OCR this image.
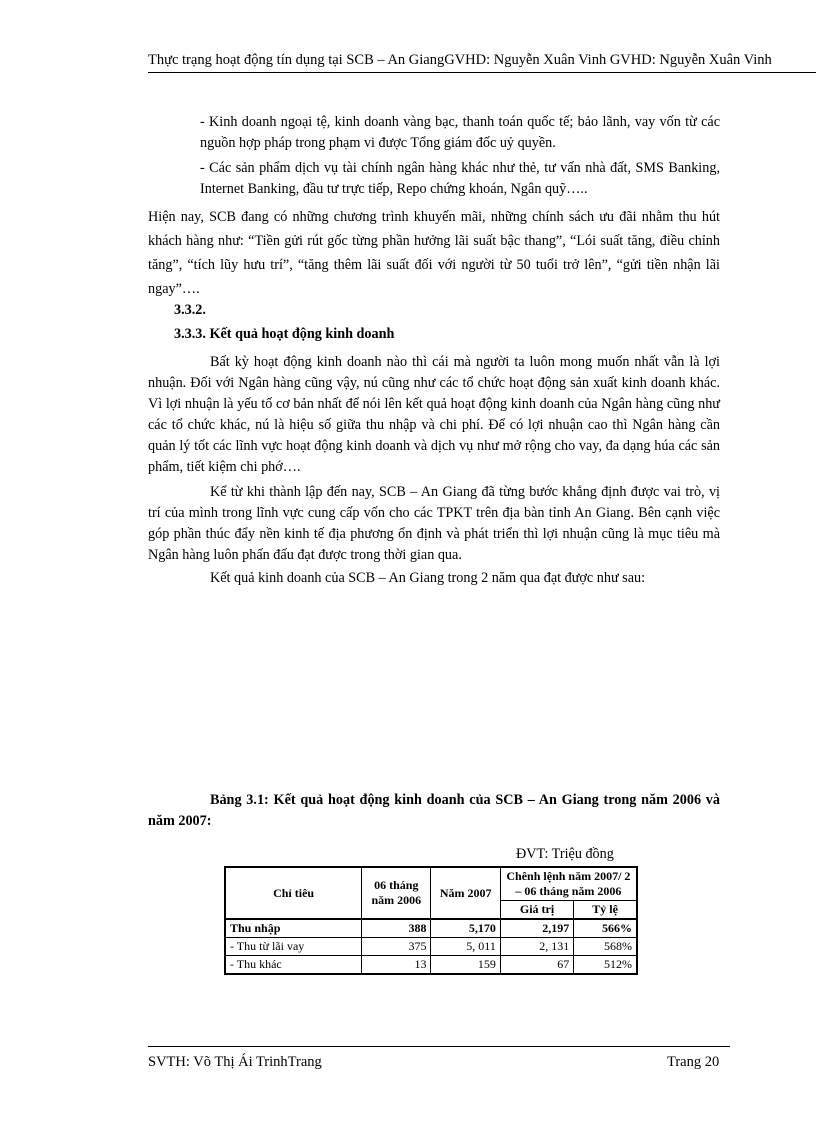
Thực trạng hoạt động tín dụng tại SCB – An GiangGVHD: Nguyễn Xuân Vinh GVHD: Nguyễn Xuân Vinh
- Kinh doanh ngoại tệ, kinh doanh vàng bạc, thanh toán quốc tế; bảo lãnh, vay vốn từ các nguồn hợp pháp trong phạm vi được Tổng giám đốc uỷ quyền.
- Các sản phẩm dịch vụ tài chính ngân hàng khác như thẻ, tư vấn nhà đất, SMS Banking, Internet Banking, đầu tư trực tiếp, Repo chứng khoán, Ngân quỹ…..
Hiện nay, SCB đang có những chương trình khuyến mãi, những chính sách ưu đãi nhằm thu hút khách hàng như: “Tiền gửi rút gốc từng phần hưởng lãi suất bậc thang”, “Lói suất tăng, điều chỉnh tăng”, “tích lũy hưu trí”, “tăng thêm lãi suất đối với người từ 50 tuổi trở lên”, “gửi tiền nhận lãi ngay”….
3.3.2.
3.3.3. Kết quả hoạt động kinh doanh
Bất kỳ hoạt động kinh doanh nào thì cái mà người ta luôn mong muốn nhất vẫn là lợi nhuận. Đối với Ngân hàng cũng vậy, nú cũng như các tổ chức hoạt động sản xuất kinh doanh khác. Vì lợi nhuận là yếu tố cơ bản nhất để nói lên kết quả hoạt động kinh doanh của Ngân hàng cũng như các tổ chức khác, nú là hiệu số giữa thu nhập và chi phí. Để có lợi nhuận cao thì Ngân hàng cần quản lý tốt các lĩnh vực hoạt động kinh doanh và dịch vụ như mở rộng cho vay, đa dạng húa các sản phẩm, tiết kiệm chi phớ….
Kể từ khi thành lập đến nay, SCB – An Giang đã từng bước khẳng định được vai trò, vị trí của mình trong lĩnh vực cung cấp vốn cho các TPKT trên địa bàn tỉnh An Giang. Bên cạnh việc góp phần thúc đẩy nền kinh tế địa phương ổn định và phát triển thì lợi nhuận cũng là mục tiêu mà Ngân hàng luôn phấn đấu đạt được trong thời gian qua.
Kết quả kinh doanh của SCB – An Giang trong 2 năm qua đạt được như sau:
Bảng 3.1: Kết quả hoạt động kinh doanh của SCB – An Giang trong năm 2006 và năm 2007:
ĐVT: Triệu đồng
Chỉ tiêu	06 tháng năm 2006	Năm 2007	Chênh lệnh năm 2007/ 2 – 06 tháng năm 2006	
			Giá trị	Tỷ lệ
Thu nhập	388	5,170	2,197	566%
- Thu từ lãi vay	375	5, 011	2, 131	568%
- Thu khác	13	159	67	512%
SVTH: Võ Thị Ái TrinhTrang	Trang 20
